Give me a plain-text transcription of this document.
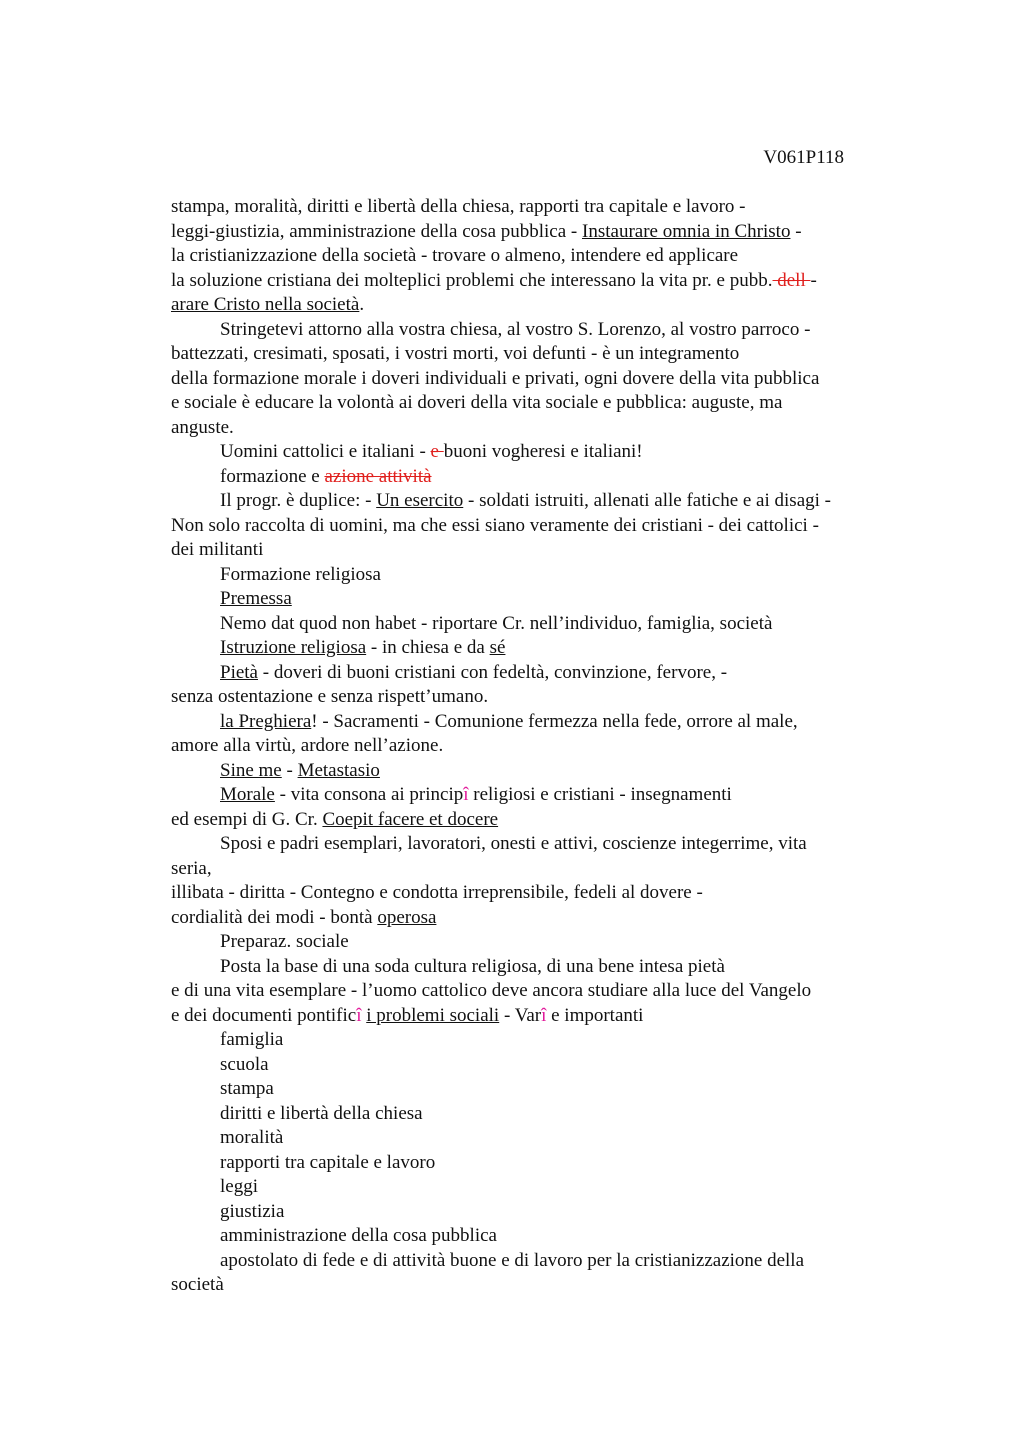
V061P118
stampa, moralità, diritti e libertà della chiesa, rapporti tra capitale e lavoro -
leggi-giustizia, amministrazione della cosa pubblica - Instaurare omnia in Christo -
la cristianizzazione della società - trovare o almeno, intendere ed applicare
la soluzione cristiana dei molteplici problemi che interessano la vita pr. e pubb. dell -
arare Cristo nella società.
Stringetevi attorno alla vostra chiesa, al vostro S. Lorenzo, al vostro parroco -
battezzati, cresimati, sposati, i vostri morti, voi defunti - è un integramento
della formazione morale i doveri individuali e privati, ogni dovere della vita pubblica
e sociale è educare la volontà ai doveri della vita sociale e pubblica: auguste, ma
anguste.
Uomini cattolici e italiani - e buoni vogheresi e italiani!
formazione e azione attività
Il progr. è duplice: - Un esercito - soldati istruiti, allenati alle fatiche e ai disagi -
Non solo raccolta di uomini, ma che essi siano veramente dei cristiani - dei cattolici -
dei militanti
Formazione religiosa
Premessa
Nemo dat quod non habet - riportare Cr. nell’individuo, famiglia, società
Istruzione religiosa - in chiesa e da sé
Pietà - doveri di buoni cristiani con fedeltà, convinzione, fervore, -
senza ostentazione e senza rispett’umano.
la Preghiera! - Sacramenti - Comunione fermezza nella fede, orrore al male,
amore alla virtù, ardore nell’azione.
Sine me - Metastasio
Morale - vita consona ai principî religiosi e cristiani - insegnamenti
ed esempi di G. Cr. Coepit facere et docere
Sposi e padri esemplari, lavoratori, onesti e attivi, coscienze integerrime, vita
seria,
illibata - diritta - Contegno e condotta irreprensibile, fedeli al dovere -
cordialità dei modi - bontà operosa
Preparaz. sociale
Posta la base di una soda cultura religiosa, di una bene intesa pietà
e di una vita esemplare - l’uomo cattolico deve ancora studiare alla luce del Vangelo
e dei documenti pontificî i problemi sociali - Varî e importanti
famiglia
scuola
stampa
diritti e libertà della chiesa
moralità
rapporti tra capitale e lavoro
leggi
giustizia
amministrazione della cosa pubblica
apostolato di fede e di attività buone e di lavoro per la cristianizzazione della
società
